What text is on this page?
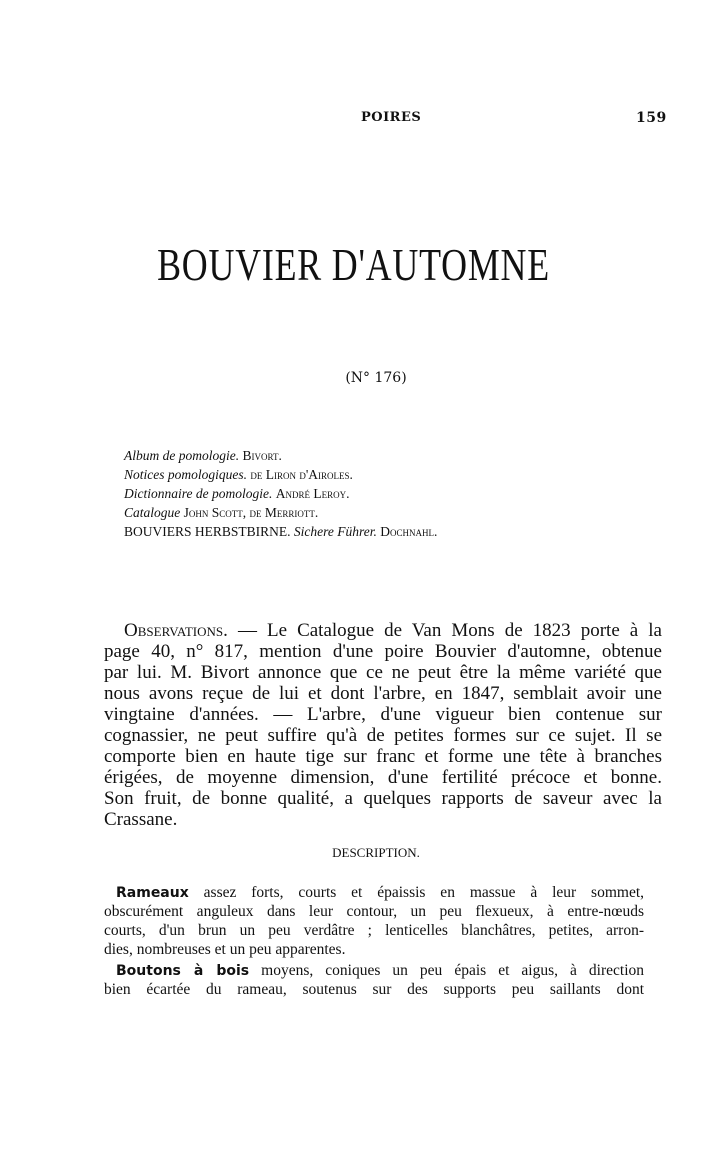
POIRES	159
BOUVIER D'AUTOMNE
(N° 176)
Album de pomologie. Bivort.
Notices pomologiques. de Liron d'Airoles.
Dictionnaire de pomologie. André Leroy.
Catalogue John Scott, de Merriott.
BOUVIERS HERBSTBIRNE. Sichere Führer. Dochnahl.
Observations. — Le Catalogue de Van Mons de 1823 porte à la
page 40, n° 817, mention d'une poire Bouvier d'automne, obtenue
par lui. M. Bivort annonce que ce ne peut être la même variété que
nous avons reçue de lui et dont l'arbre, en 1847, semblait avoir une
vingtaine d'années. — L'arbre, d'une vigueur bien contenue sur
cognassier, ne peut suffire qu'à de petites formes sur ce sujet. Il se
comporte bien en haute tige sur franc et forme une tête à branches
érigées, de moyenne dimension, d'une fertilité précoce et bonne.
Son fruit, de bonne qualité, a quelques rapports de saveur avec la
Crassane.
DESCRIPTION.
Rameaux assez forts, courts et épaissis en massue à leur sommet,
obscurément anguleux dans leur contour, un peu flexueux, à entre-nœuds
courts, d'un brun un peu verdâtre ; lenticelles blanchâtres, petites, arron-
dies, nombreuses et un peu apparentes.
Boutons à bois moyens, coniques un peu épais et aigus, à direction
bien écartée du rameau, soutenus sur des supports peu saillants dont
